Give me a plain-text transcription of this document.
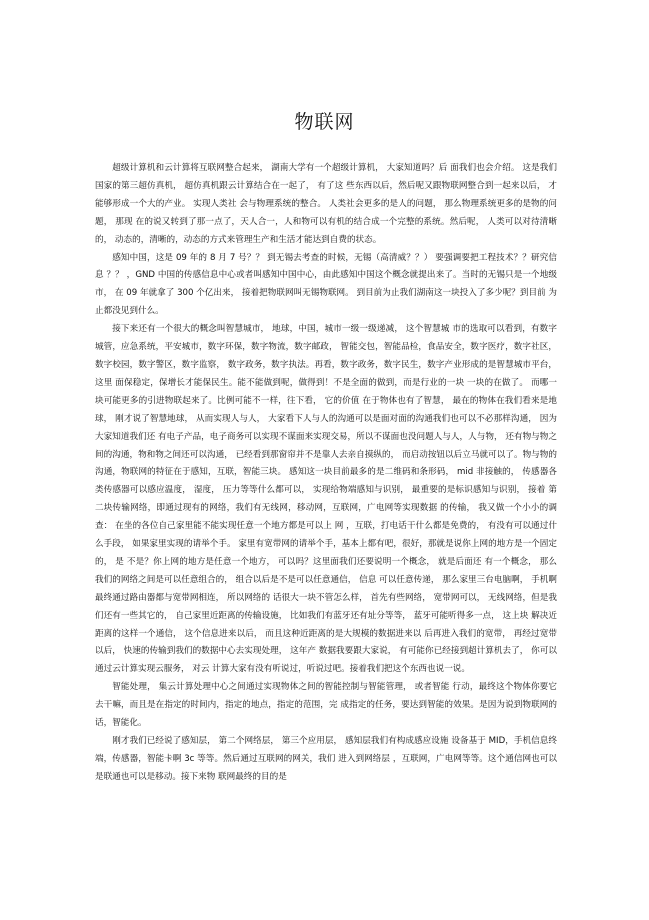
物联网

超级计算机和云计算将互联网整合起来， 湖南大学有一个超级计算机， 大家知道吗？后 面我们也会介绍。 这是我们国家的第三超仿真机， 超仿真机跟云计算结合在一起了， 有了这 些东西以后，然后呢又跟物联网整合到一起来以后， 才能够形成一个大的产业。 实现人类社 会与物理系统的整合。 人类社会更多的是人的问题， 那么物理系统更多的是物的问题， 那现 在的说又转到了那一点了，天人合一，人和物可以有机的结合成一个完整的系统。然后呢， 人类可以对待清晰的， 动态的，清晰的，动态的方式来管理生产和生活才能达到自费的状态。

感知中国，这是 09 年的 8 月 7 号？？ 到无锡去考查的时候，无锡（高清威？？） 要强调要把工程技术？？研究信息 ？？ ，GND 中国的传感信息中心或者叫感知中国中心，由此感知中国这个概念就提出来了。当时的无锡只是一个地级市， 在 09 年就拿了 300 个亿出来， 接着把物联网叫无锡物联网。 到目前为止我们湖南这一块投入了多少呢？到目前 为止都没见到什么。

接下来还有一个很大的概念叫智慧城市， 地球，中国，城市一级一级递减， 这个智慧城 市的选取可以看到，有数字城管，应急系统，平安城市，数字环保，数字物流，数字邮政， 智能交包，智能品检，食品安全，数字医疗，数字社区，数字校园，数字警区，数字监察， 数字政务，数字执法。再看，数字政务，数字民生，数字产业形成的是智慧城市平台，这里 面保稳定，保增长才能保民生。能不能做到呢，做得到！不是全面的做到，而是行业的一块 一块的在做了。 而哪一块可能更多的引进物联起来了。比例可能不一样，往下看， 它的价值 在于物体也有了智慧， 最在的物体在我们看来是地球， 刚才说了智慧地球， 从而实现人与人， 大家看下人与人的沟通可以是面对面的沟通我们也可以不必那样沟通， 因为大家知道我们还 有电子产品，电子商务可以实现不谋面来实现交易，所以不谋面也没问题人与人，人与物， 还有物与物之间的沟通，物和物之间还可以沟通， 已经看到那窗帘并不是靠人去亲自摸纵的， 而启动按钮以后立马就可以了。物与物的沟通，物联网的特征在于感知，互联，智能三块。 感知这一块目前最多的是二维码和条形码， mid 非接触的， 传感器各类传感器可以感应温度， 湿度， 压力等等什么都可以， 实现给物端感知与识别， 最重要的是标识感知与识别， 接着 第二块传输网络，即通过现有的网络，我们有无线网，移动网，互联网，广电网等实现数据 的传输， 我又做一个小小的调查： 在坐的各位自己家里能不能实现任意一个地方都是可以上 网 ，互联，打电话干什么都是免费的， 有没有可以通过什么手段， 如果家里实现的请举个手。 家里有宽带网的请举个手，基本上都有吧，很好，那就是说你上网的地方是一个固定的， 是 不是？你上网的地方是任意一个地方， 可以吗？这里面我们还要说明一个概念， 就是后面还 有一个概念， 那么我们的网络之间是可以任意组合的， 组合以后是不是可以任意通信， 信息 可以任意传递， 那么家里三台电脑啊， 手机啊最终通过路由器都与宽带网相连， 所以网络的 话很大一块不管怎么样， 首先有些网络， 宽带网可以， 无线网络，但是我们还有一些其它的， 自己家里近距离的传输设施， 比如我们有蓝牙还有址分等等， 蓝牙可能听得多一点， 这上块 解决近距离的这样一个通信， 这个信息进来以后， 而且这种近距离的是大规模的数据进来以 后再进入我们的宽带， 再经过宽带以后， 快速的传输到我们的数据中心去实现处理， 这年产 数据我要跟大家说， 有可能你已经接到超计算机去了， 你可以通过云计算实现云服务， 对云 计算大家有没有听说过，听说过吧。接着我们把这个东西也说一说。

智能处理， 集云计算处理中心之间通过实现物体之间的智能控制与智能管理， 或者智能 行动，最终这个物体你要它去干嘛，而且是在指定的时间内，指定的地点，指定的范围，完 成指定的任务，要达到智能的效果。是因为说到物联网的话，智能化。

刚才我们已经说了感知层， 第二个网络层， 第三个应用层， 感知层我们有构成感应设施 设备基于 MID，手机信息终端，传感器，智能卡啊 3c 等等。然后通过互联网的网关，我们 进入到网络层 ，互联网，广电网等等。这个通信网也可以是联通也可以是移动。接下来物 联网最终的目的是
